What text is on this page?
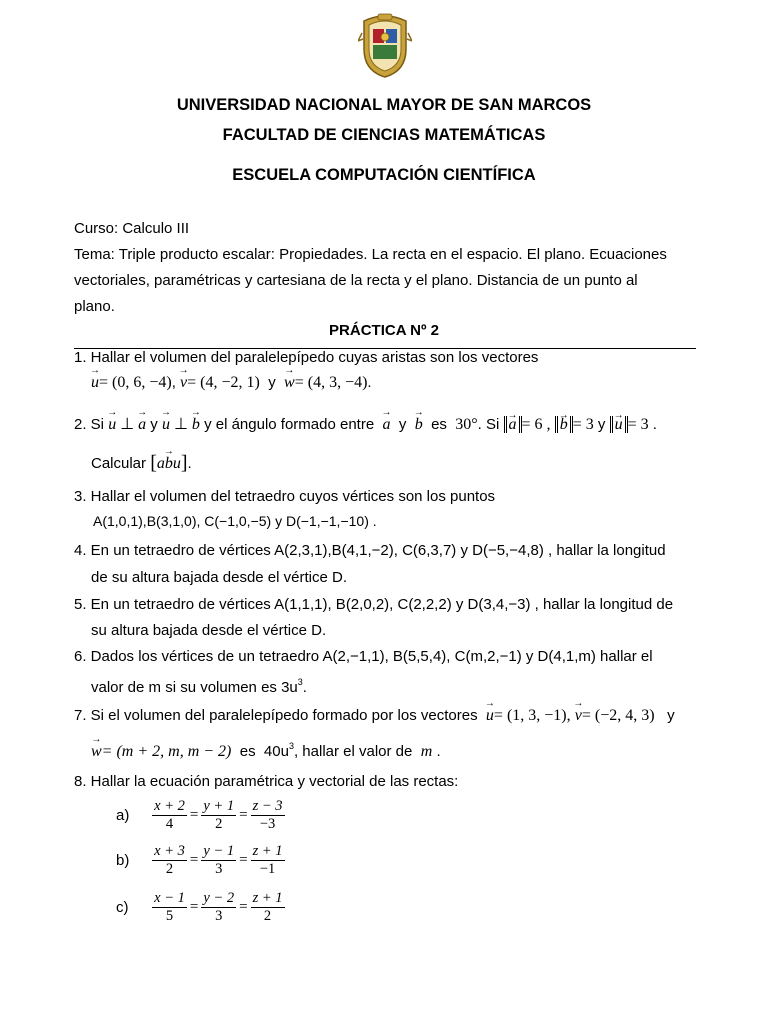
UNIVERSIDAD NACIONAL MAYOR DE SAN MARCOS

FACULTAD DE CIENCIAS MATEMÁTICAS

ESCUELA COMPUTACIÓN CIENTÍFICA

Curso: Calculo III

Tema: Triple producto escalar: Propiedades. La recta en el espacio. El plano. Ecuaciones

vectoriales, paramétricas y cartesiana de la recta y el plano. Distancia de un punto al

plano.

PRÁCTICA Nº 2

1. Hallar el volumen del paralelepípedo cuyas aristas son los vectores

→ u= (0, 6, −4), → v= (4, −2, 1) y → w= (4, 3, −4).

2. Si → u ⊥ → a y → u ⊥ → b y el ángulo formado entre → a y → b es 30°. Si → a = 6 , → b = 3 y → u = 3 .

Calcular [→ abu].

3. Hallar el volumen del tetraedro cuyos vértices son los puntos

A(1,0,1),B(3,1,0), C(−1,0,−5) y D(−1,−1,−10) .

4. En un tetraedro de vértices A(2,3,1),B(4,1,−2), C(6,3,7) y D(−5,−4,8) , hallar la longitud

de su altura bajada desde el vértice D.

5. En un tetraedro de vértices A(1,1,1), B(2,0,2), C(2,2,2) y D(3,4,−3) , hallar la longitud de

su altura bajada desde el vértice D.

6. Dados los vértices de un tetraedro A(2,−1,1), B(5,5,4), C(m,2,−1) y D(4,1,m) hallar el

valor de m si su volumen es $3u^3$.

7. Si el volumen del paralelepípedo formado por los vectores → u= (1, 3, −1), → v= (−2, 4, 3) y

→ w= (m + 2, m, m − 2) es $40u^3$, hallar el valor de m .

8. Hallar la ecuación paramétrica y vectorial de las rectas:

$a) \frac{x + 2}{4} = \frac{y + 1}{2} = \frac{z - 3}{-3}$
$b) \frac{x + 3}{2} = \frac{y - 1}{3} = \frac{z + 1}{-1}$
$c) \frac{x - 1}{5} = \frac{y - 2}{3} = \frac{z + 1}{2}$
